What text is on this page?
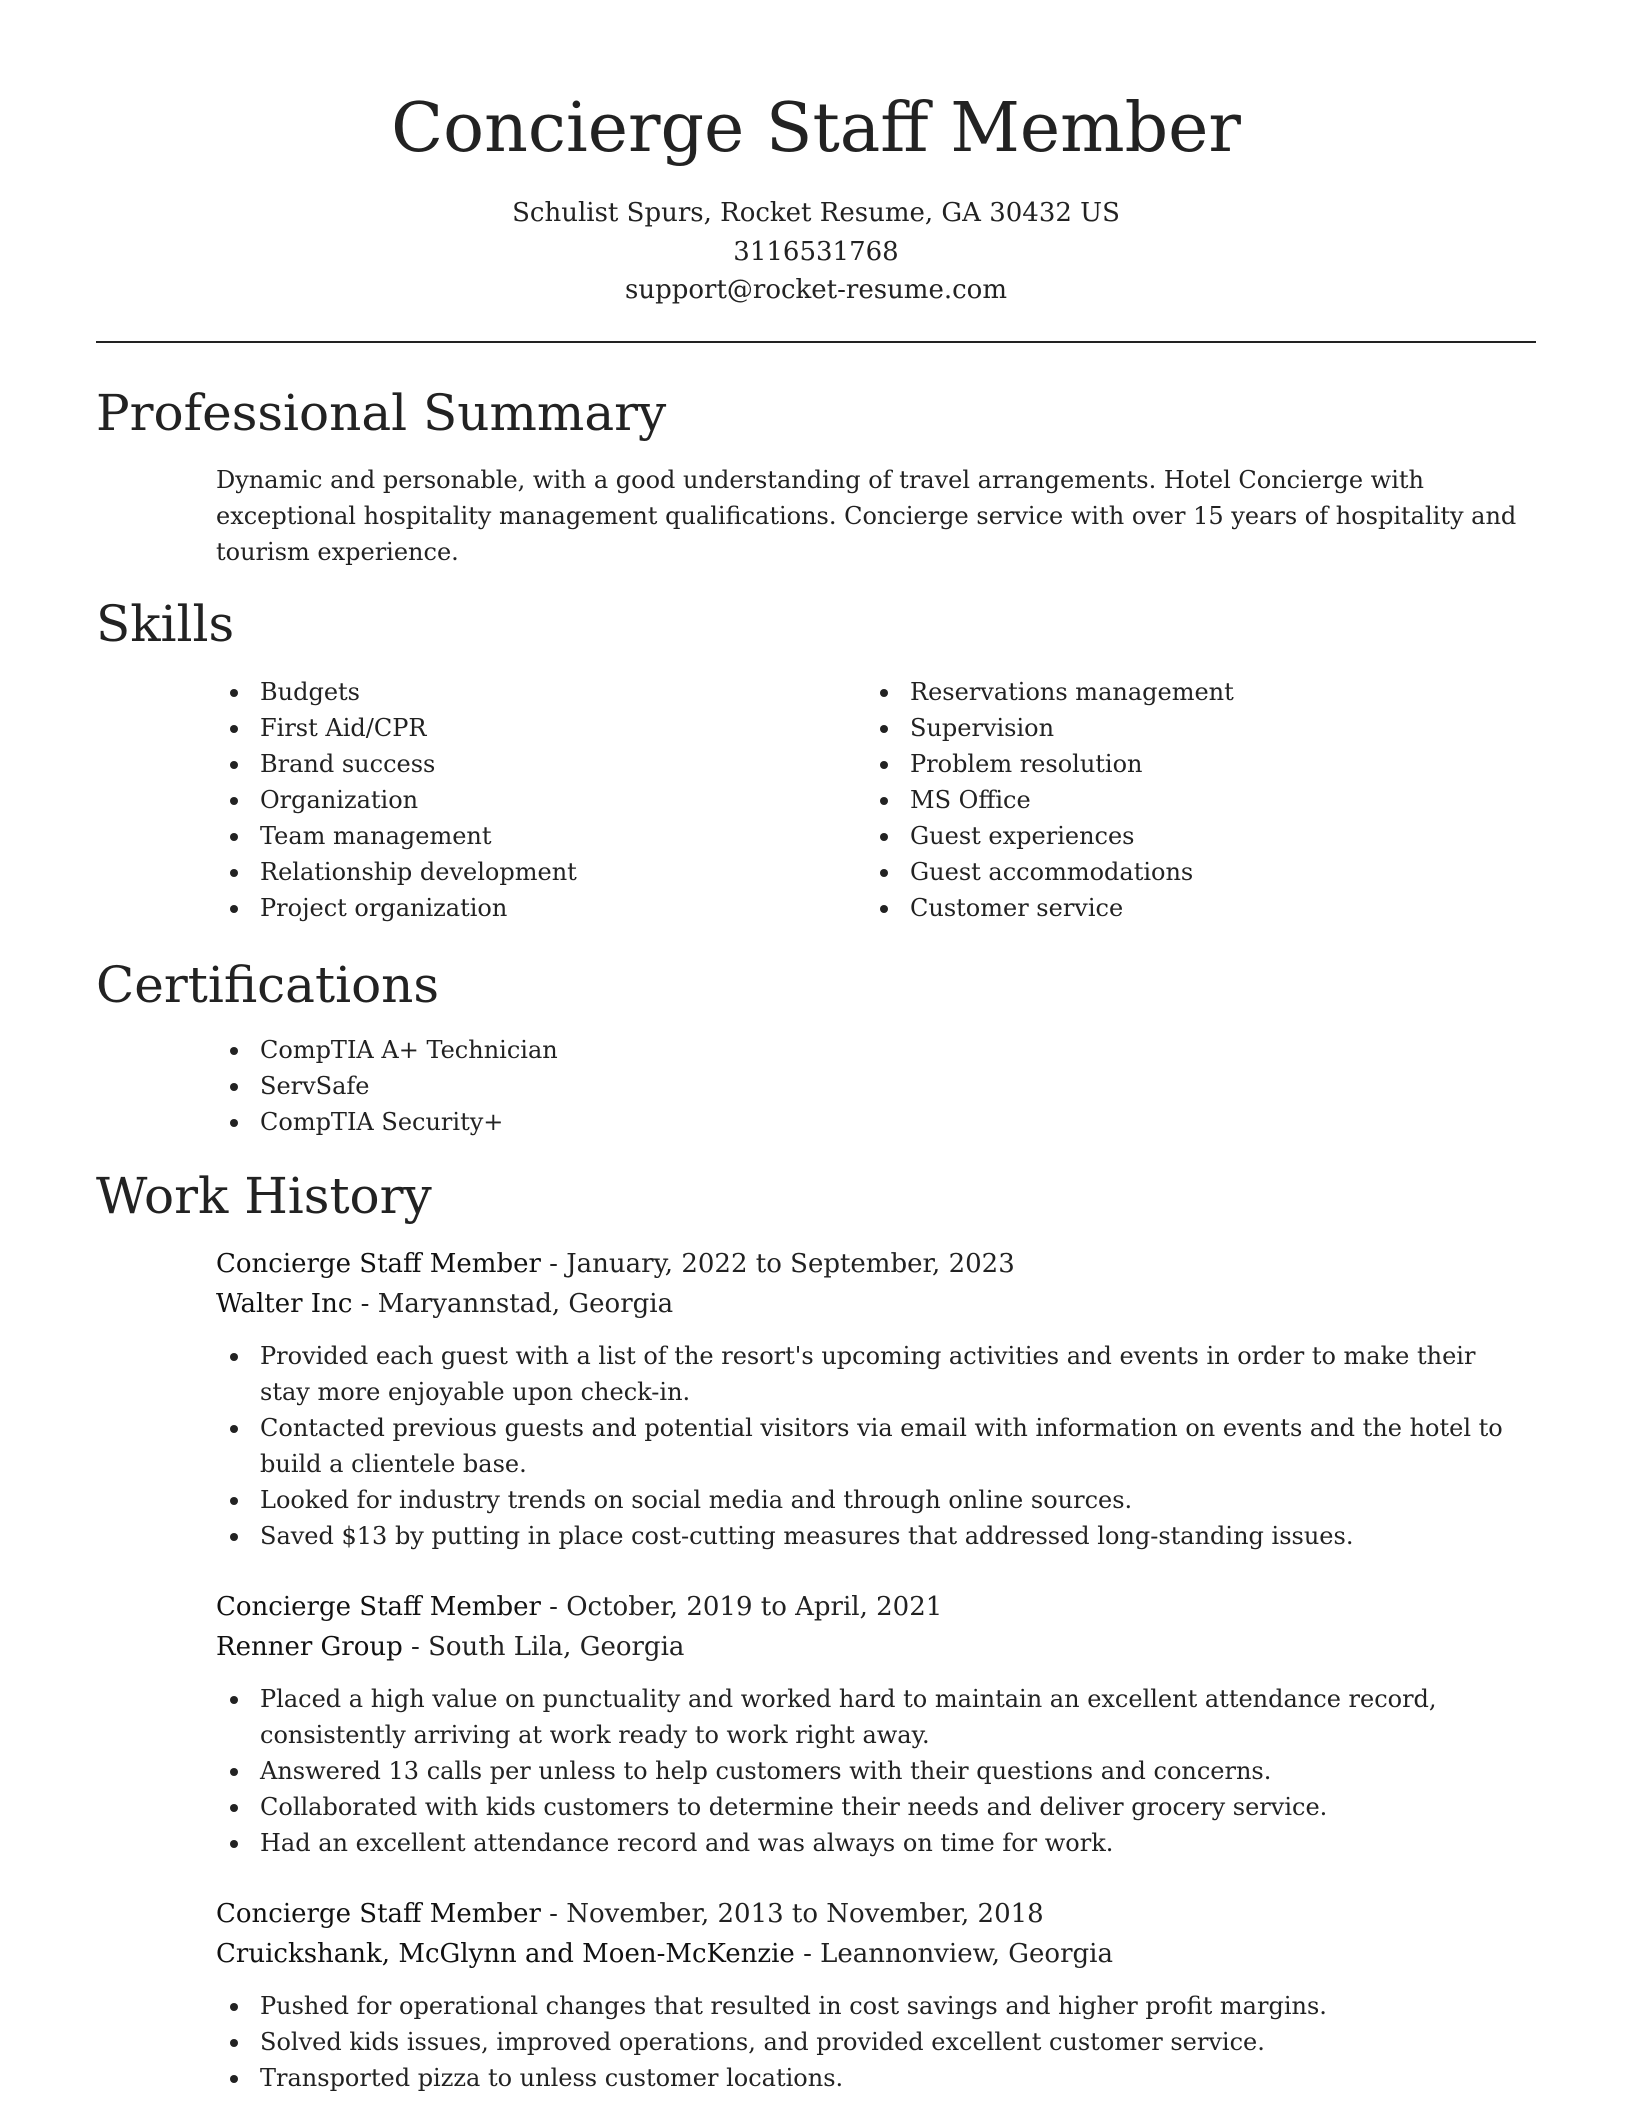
Concierge Staff Member
Schulist Spurs, Rocket Resume, GA 30432 US
3116531768
support@rocket-resume.com
Professional Summary

Dynamic and personable, with a good understanding of travel arrangements. Hotel Concierge with exceptional hospitality management qualifications. Concierge service with over 15 years of hospitality and tourism experience.

Skills
Budgets
First Aid/CPR
Brand success
Organization
Team management
Relationship development
Project organization
Reservations management
Supervision
Problem resolution
MS Office
Guest experiences
Guest accommodations
Customer service
Certifications
CompTIA A+ Technician
ServSafe
CompTIA Security+
Work History
Concierge Staff Member - January, 2022 to September, 2023
Walter Inc - Maryannstad, Georgia
Provided each guest with a list of the resort's upcoming activities and events in order to make their stay more enjoyable upon check-in.
Contacted previous guests and potential visitors via email with information on events and the hotel to build a clientele base.
Looked for industry trends on social media and through online sources.
Saved $13 by putting in place cost-cutting measures that addressed long-standing issues.
Concierge Staff Member - October, 2019 to April, 2021
Renner Group - South Lila, Georgia
Placed a high value on punctuality and worked hard to maintain an excellent attendance record, consistently arriving at work ready to work right away.
Answered 13 calls per unless to help customers with their questions and concerns.
Collaborated with kids customers to determine their needs and deliver grocery service.
Had an excellent attendance record and was always on time for work.
Concierge Staff Member - November, 2013 to November, 2018
Cruickshank, McGlynn and Moen-McKenzie - Leannonview, Georgia
Pushed for operational changes that resulted in cost savings and higher profit margins.
Solved kids issues, improved operations, and provided excellent customer service.
Transported pizza to unless customer locations.
